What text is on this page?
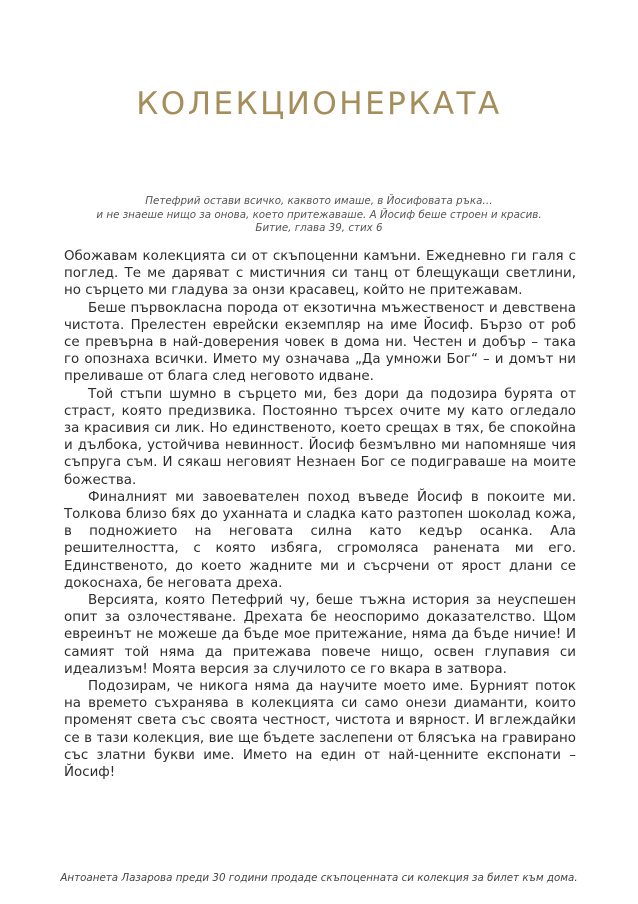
КОЛЕКЦИОНЕРКАТА
Петефрий остави всичко, каквото имаше, в Йосифовата ръка…
и не знаеше нищо за онова, което притежаваше. А Йосиф беше строен и красив.
Битие, глава 39, стих 6

Обожавам колекцията си от скъпоценни камъни. Ежедневно ги галя с поглед. Те ме даряват с мистичния си танц от блещукащи светлини, но сърцето ми гладува за онзи красавец, който не притежавам.

Беше първокласна порода от екзотична мъжественост и девствена чистота. Прелестен еврейски екземпляр на име Йосиф. Бързо от роб се превърна в най-доверения човек в дома ни. Честен и добър – така го опознаха всички. Името му означава „Да умножи Бог“ – и домът ни преливаше от блага след неговото идване.

Той стъпи шумно в сърцето ми, без дори да подозира бурята от страст, която предизвика. Постоянно търсех очите му като огледало за красивия си лик. Но единственото, което срещах в тях, бе спокойна и дълбока, устойчива невинност. Йосиф безмълвно ми напомняше чия съпруга съм. И сякаш неговият Незнаен Бог се подиграваше на моите божества.

Финалният ми завоевателен поход въведе Йосиф в покоите ми. Толкова близо бях до уханната и сладка като разтопен шоколад кожа, в подножието на неговата силна като кедър осанка. Ала решителността, с която избяга, сгромоляса ранената ми его. Единственото, до което жадните ми и съсрчени от ярост длани се докоснаха, бе неговата дреха.

Версията, която Петефрий чу, беше тъжна история за неуспешен опит за озлочестяване. Дрехата бе неоспоримо доказателство. Щом евреинът не можеше да бъде мое притежание, няма да бъде ничие! И самият той няма да притежава повече нищо, освен глупавия си идеализъм! Моята версия за случилото се го вкара в затвора.

Подозирам, че никога няма да научите моето име. Бурният поток на времето съхранява в колекцията си само онези диаманти, които променят света със своята честност, чистота и вярност. И вглеждайки се в тази колекция, вие ще бъдете заслепени от блясъка на гравирано със златни букви име. Името на един от най-ценните експонати – Йосиф!

Антоанета Лазарова преди 30 години продаде скъпоценната си колекция за билет към дома.
